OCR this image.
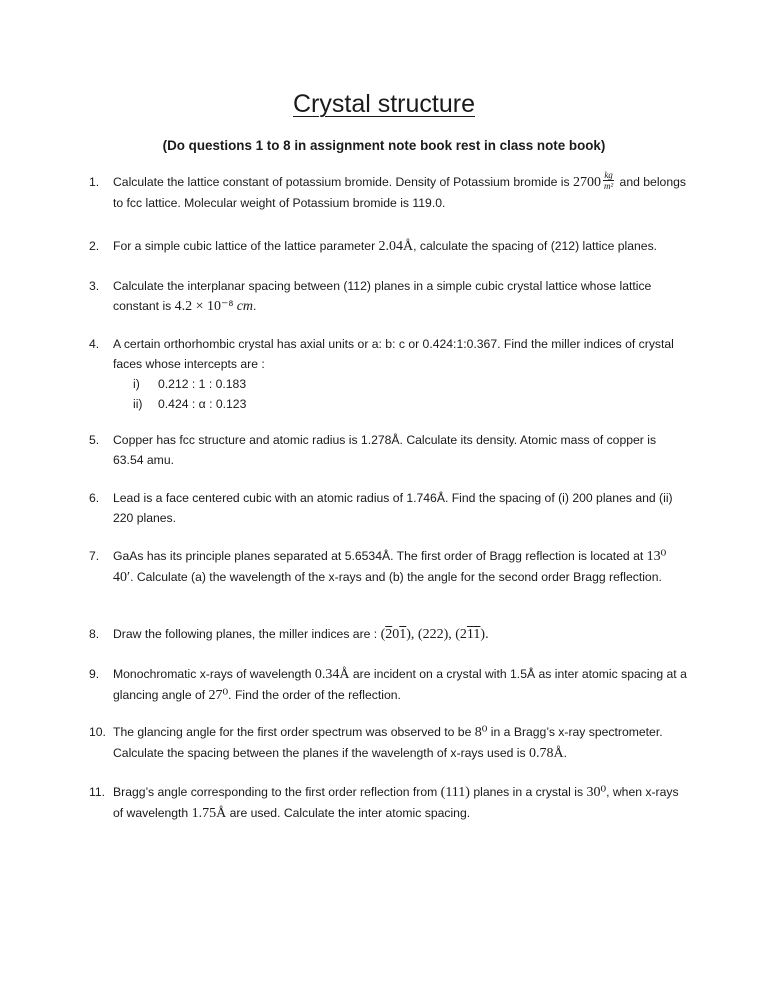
Crystal structure
(Do questions 1 to 8 in assignment note book rest in class note book)
1.	Calculate the lattice constant of potassium bromide. Density of Potassium bromide is $2700 \frac{kg}{\text{m²}}$ and belongs to fcc lattice. Molecular weight of Potassium bromide is 119.0.
2.	For a simple cubic lattice of the lattice parameter 2.04Å, calculate the spacing of (212) lattice planes.
3.	Calculate the interplanar spacing between (112) planes in a simple cubic crystal lattice whose lattice constant is 4.2 × 10⁻⁸ cm.
4.	A certain orthorhombic crystal has axial units or a: b: c or 0.424:1:0.367. Find the miller indices of crystal faces whose intercepts are :
i) 0.212 : 1 : 0.183
ii) 0.424 : α : 0.123
5.	Copper has fcc structure and atomic radius is 1.278Å. Calculate its density. Atomic mass of copper is 63.54 amu.
6.	Lead is a face centered cubic with an atomic radius of 1.746Å. Find the spacing of (i) 200 planes and (ii) 220 planes.
7.	GaAs has its principle planes separated at 5.6534Å. The first order of Bragg reflection is located at 13⁰ 40′. Calculate (a) the wavelength of the x-rays and (b) the angle for the second order Bragg reflection.
8.	Draw the following planes, the miller indices are : (201), (222), (211).
9.	Monochromatic x-rays of wavelength 0.34Å are incident on a crystal with 1.5Å as inter atomic spacing at a glancing angle of 27⁰. Find the order of the reflection.
10. The glancing angle for the first order spectrum was observed to be 8⁰ in a Bragg’s x-ray spectrometer. Calculate the spacing between the planes if the wavelength of x-rays used is 0.78Å.
11. Bragg’s angle corresponding to the first order reflection from (111) planes in a crystal is 30⁰, when x-rays of wavelength 1.75Å are used. Calculate the inter atomic spacing.
